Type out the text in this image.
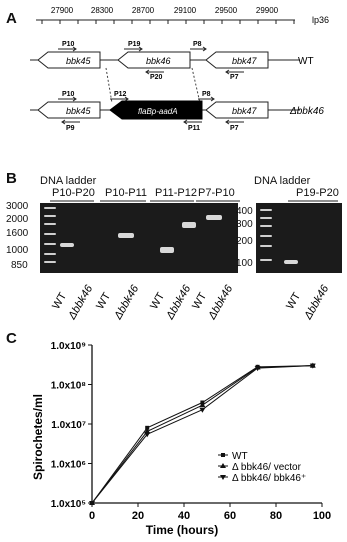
A	27900 28300 28700 29100 29500 29900
lp36
bbk45	bbk46	bbk47	WT
P10	P19	P8
P20	P7
bbk45	flaBp-aadA	bbk47	Δbbk46
P10	P12	P8
P9	P11	P7
B DNA ladder
P10-P20 P10-P11 P11-P12 P7-P10
DNA ladder
P19-P20
3000
2000
1600
1000
850
400
300
200
100
WT
Δbbk46
WT Δbbk46 WT
Δbbk46
WT
Δbbk46	WT Δbbk46
C
1.0x10⁵
1.0x10⁶
1.0x10⁷
1.0x10⁸
1.0x10⁹
0	20	40	60	80	100
WT
Δ bbk46/ vector
Δ bbk46/ bbk46⁺
Spirochetes/ml
Time (hours)
